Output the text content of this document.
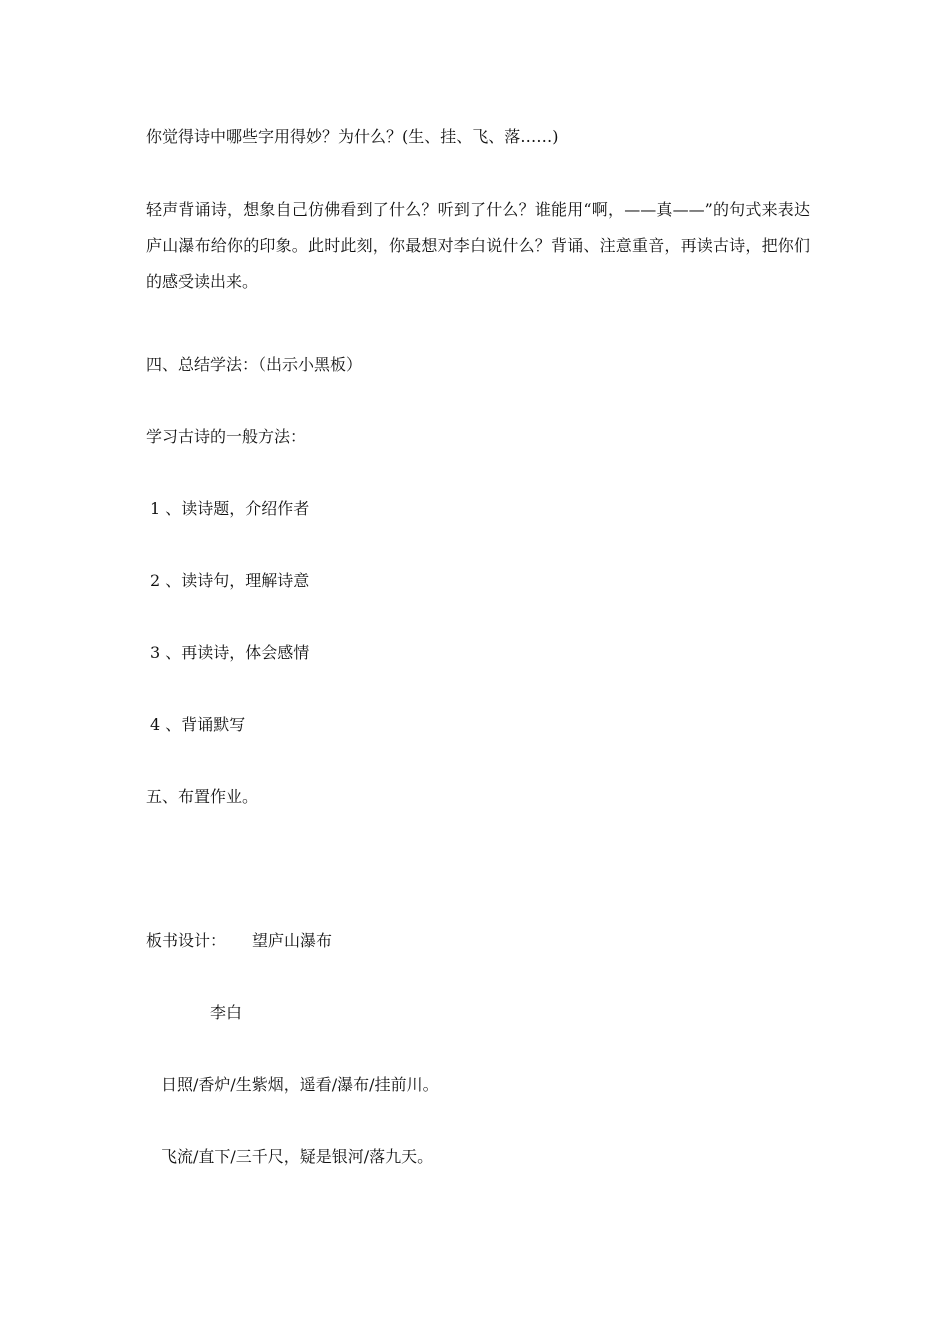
你觉得诗中哪些字用得妙？为什么？(生、挂、飞、落……)

轻声背诵诗，想象自己仿佛看到了什么？听到了什么？谁能用“啊，——真——”的句式来表达庐山瀑布给你的印象。此时此刻，你最想对李白说什么？背诵、注意重音，再读古诗，把你们的感受读出来。

四、总结学法：（出示小黑板）

学习古诗的一般方法：

1 、读诗题，介绍作者

2 、读诗句，理解诗意

3 、再读诗，体会感情

4 、背诵默写

五、布置作业。

板书设计： 望庐山瀑布

李白

日照/香炉/生紫烟，遥看/瀑布/挂前川。

飞流/直下/三千尺，疑是银河/落九天。
